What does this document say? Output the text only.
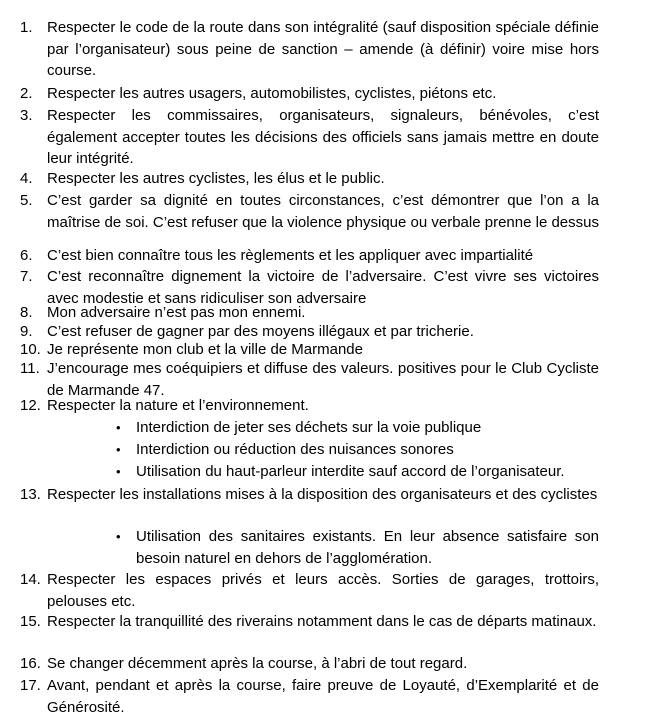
1. Respecter le code de la route dans son intégralité (sauf disposition spéciale définie par l’organisateur) sous peine de sanction – amende (à définir) voire mise hors course.
2. Respecter les autres usagers, automobilistes, cyclistes, piétons etc.
3. Respecter les commissaires, organisateurs, signaleurs, bénévoles, c’est également accepter toutes les décisions des officiels sans jamais mettre en doute leur intégrité.
4. Respecter les autres cyclistes, les élus et le public.
5. C’est garder sa dignité en toutes circonstances, c’est démontrer que l’on a la maîtrise de soi. C’est refuser que la violence physique ou verbale prenne le dessus
6. C’est bien connaître tous les règlements et les appliquer avec impartialité
7. C’est reconnaître dignement la victoire de l’adversaire. C’est vivre ses victoires avec modestie et sans ridiculiser son adversaire
8. Mon adversaire n’est pas mon ennemi.
9. C’est refuser de gagner par des moyens illégaux et par tricherie.
10. Je représente mon club et la ville de Marmande
11. J’encourage mes coéquipiers et diffuse des valeurs. positives pour le Club Cycliste de Marmande 47.
12. Respecter la nature et l’environnement.
• Interdiction de jeter ses déchets sur la voie publique
• Interdiction ou réduction des nuisances sonores
• Utilisation du haut-parleur interdite sauf accord de l’organisateur.
13. Respecter les installations mises à la disposition des organisateurs et des cyclistes
• Utilisation des sanitaires existants. En leur absence satisfaire son besoin naturel en dehors de l’agglomération.
14. Respecter les espaces privés et leurs accès. Sorties de garages, trottoirs, pelouses etc.
15. Respecter la tranquillité des riverains notamment dans le cas de départs matinaux.
16. Se changer décemment après la course, à l’abri de tout regard.
17. Avant, pendant et après la course, faire preuve de Loyauté, d’Exemplarité et de Générosité.
